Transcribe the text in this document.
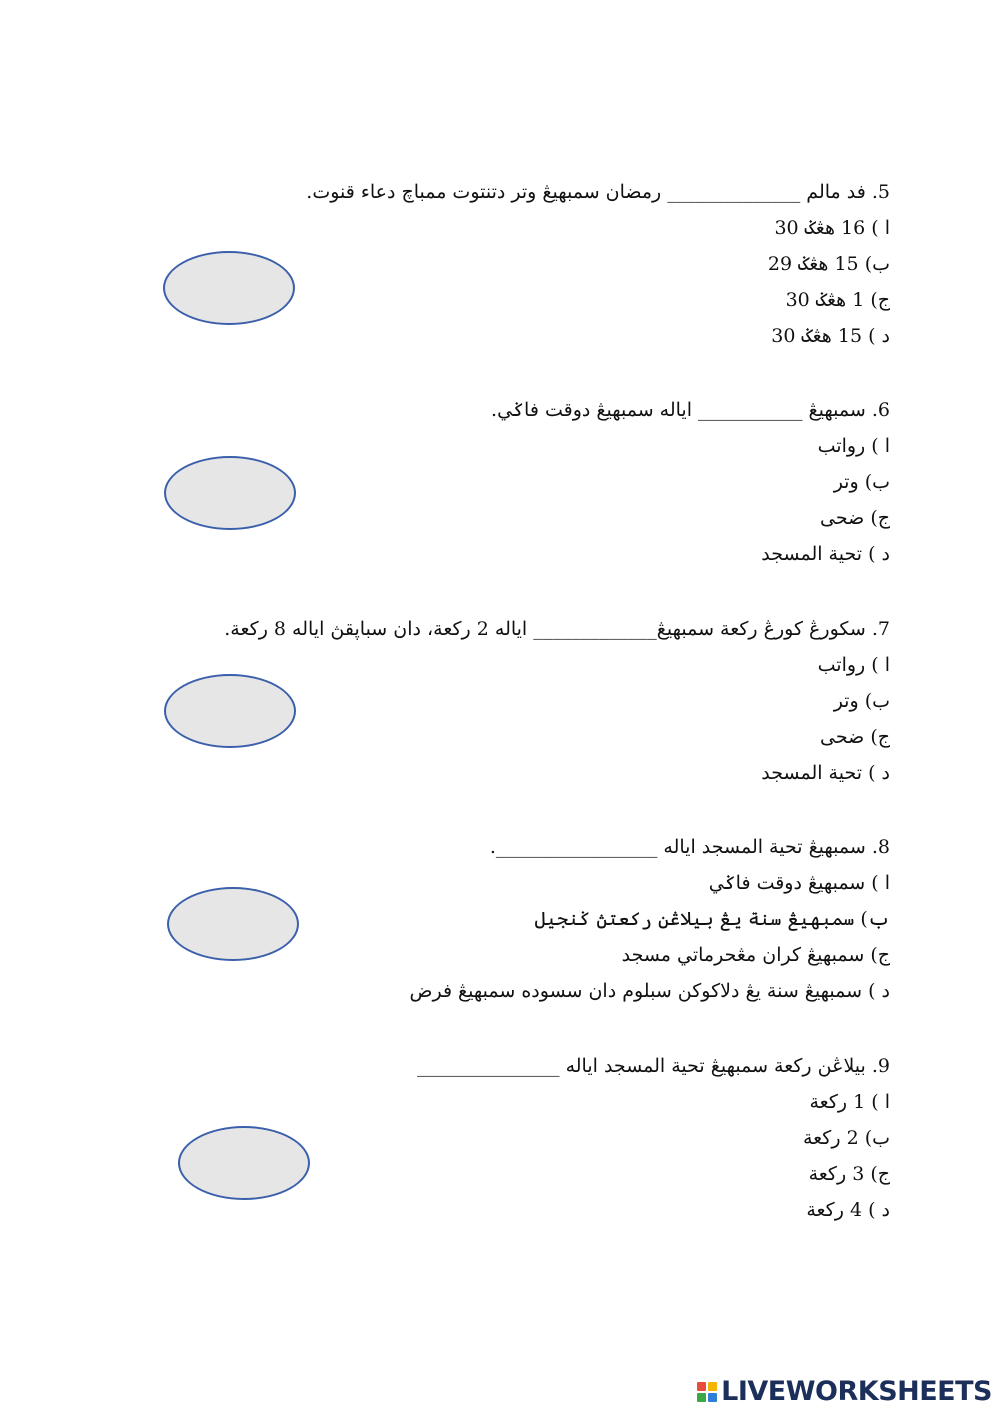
5. فد مالم ______________ رمضان سمبهيڠ وتر دتنتوت ممباچ دعاء قنوت.
ا ) 16 هڠݢ 30
ب) 15 هڠݢ 29
ج) 1 هڠݢ 30
د ) 15 هڠݢ 30
6. سمبهيڠ ___________ اياله سمبهيڠ دوقت فاݢي.
ا ) رواتب
ب) وتر
ج) ضحى
د ) تحية المسجد
7. سکورڠ کورڠ رکعة سمبهيڠ_____________ اياله 2 رکعة، دان سباڽقڽ اياله 8 رکعة.
ا ) رواتب
ب) وتر
ج) ضحى
د ) تحية المسجد
8. سمبهيڠ تحية المسجد اياله _________________.
ا ) سمبهيڠ دوقت فاݢي
ب) سمبهيڠ سنة يڠ بيلاڠن رکعتڽ ݢنجيل
ج) سمبهيڠ کران مڠحرماتي مسجد
د ) سمبهيڠ سنة يڠ دلاکوکن سبلوم دان سسوده سمبهيڠ فرض
9. بيلاڠن رکعة سمبهيڠ تحية المسجد اياله _______________
ا ) 1 رکعة
ب) 2 رکعة
ج) 3 رکعة
د ) 4 رکعة
LIVEWORKSHEETS
